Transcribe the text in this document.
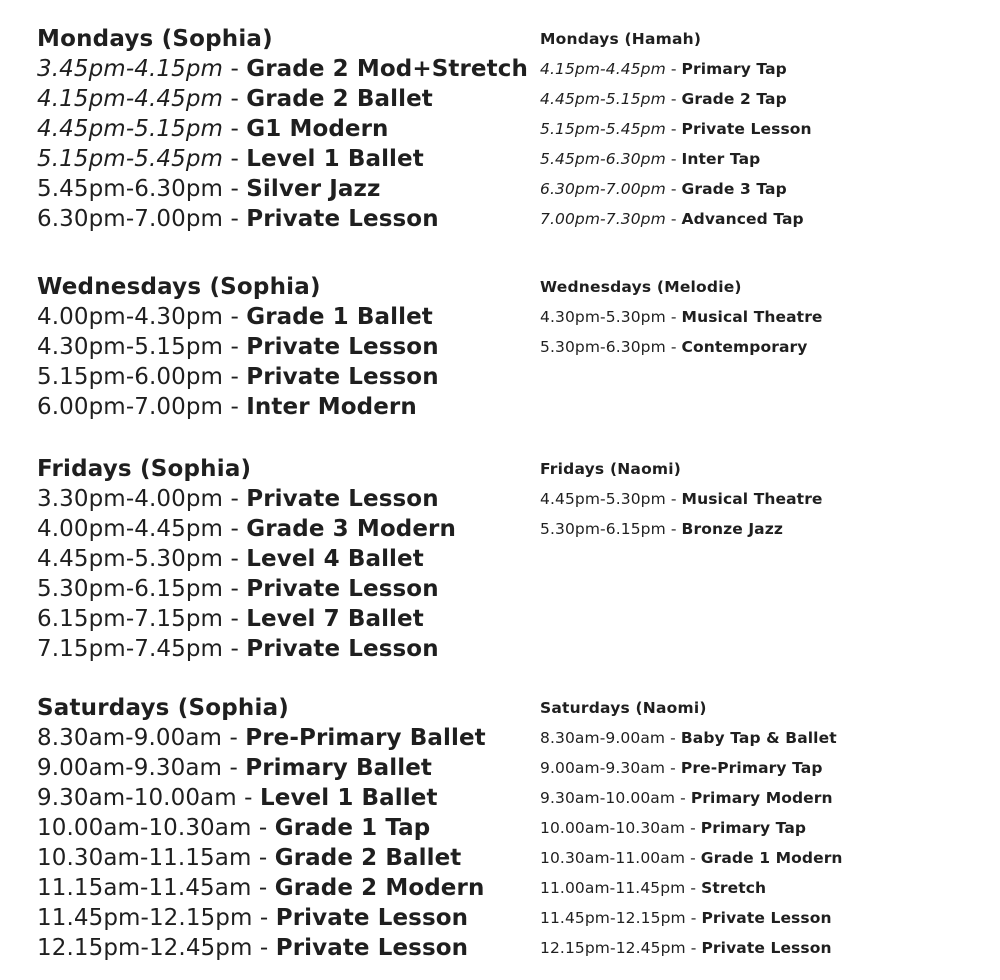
Mondays (Sophia)
3.45pm-4.15pm - Grade 2 Mod+Stretch
4.15pm-4.45pm - Grade 2 Ballet
4.45pm-5.15pm - G1 Modern
5.15pm-5.45pm - Level 1 Ballet
5.45pm-6.30pm - Silver Jazz
6.30pm-7.00pm - Private Lesson
Mondays (Hamah)
4.15pm-4.45pm - Primary Tap
4.45pm-5.15pm - Grade 2 Tap
5.15pm-5.45pm - Private Lesson
5.45pm-6.30pm - Inter Tap
6.30pm-7.00pm - Grade 3 Tap
7.00pm-7.30pm - Advanced Tap
Wednesdays (Sophia)
4.00pm-4.30pm - Grade 1 Ballet
4.30pm-5.15pm - Private Lesson
5.15pm-6.00pm - Private Lesson
6.00pm-7.00pm - Inter Modern
Wednesdays (Melodie)
4.30pm-5.30pm - Musical Theatre
5.30pm-6.30pm - Contemporary
Fridays (Sophia)
3.30pm-4.00pm - Private Lesson
4.00pm-4.45pm - Grade 3 Modern
4.45pm-5.30pm - Level 4 Ballet
5.30pm-6.15pm - Private Lesson
6.15pm-7.15pm - Level 7 Ballet
7.15pm-7.45pm - Private Lesson
Fridays (Naomi)
4.45pm-5.30pm - Musical Theatre
5.30pm-6.15pm - Bronze Jazz
Saturdays (Sophia)
8.30am-9.00am - Pre-Primary Ballet
9.00am-9.30am - Primary Ballet
9.30am-10.00am - Level 1 Ballet
10.00am-10.30am - Grade 1 Tap
10.30am-11.15am - Grade 2 Ballet
11.15am-11.45am - Grade 2 Modern
11.45pm-12.15pm - Private Lesson
12.15pm-12.45pm - Private Lesson
Saturdays (Naomi)
8.30am-9.00am - Baby Tap & Ballet
9.00am-9.30am - Pre-Primary Tap
9.30am-10.00am - Primary Modern
10.00am-10.30am - Primary Tap
10.30am-11.00am - Grade 1 Modern
11.00am-11.45pm - Stretch
11.45pm-12.15pm - Private Lesson
12.15pm-12.45pm - Private Lesson
